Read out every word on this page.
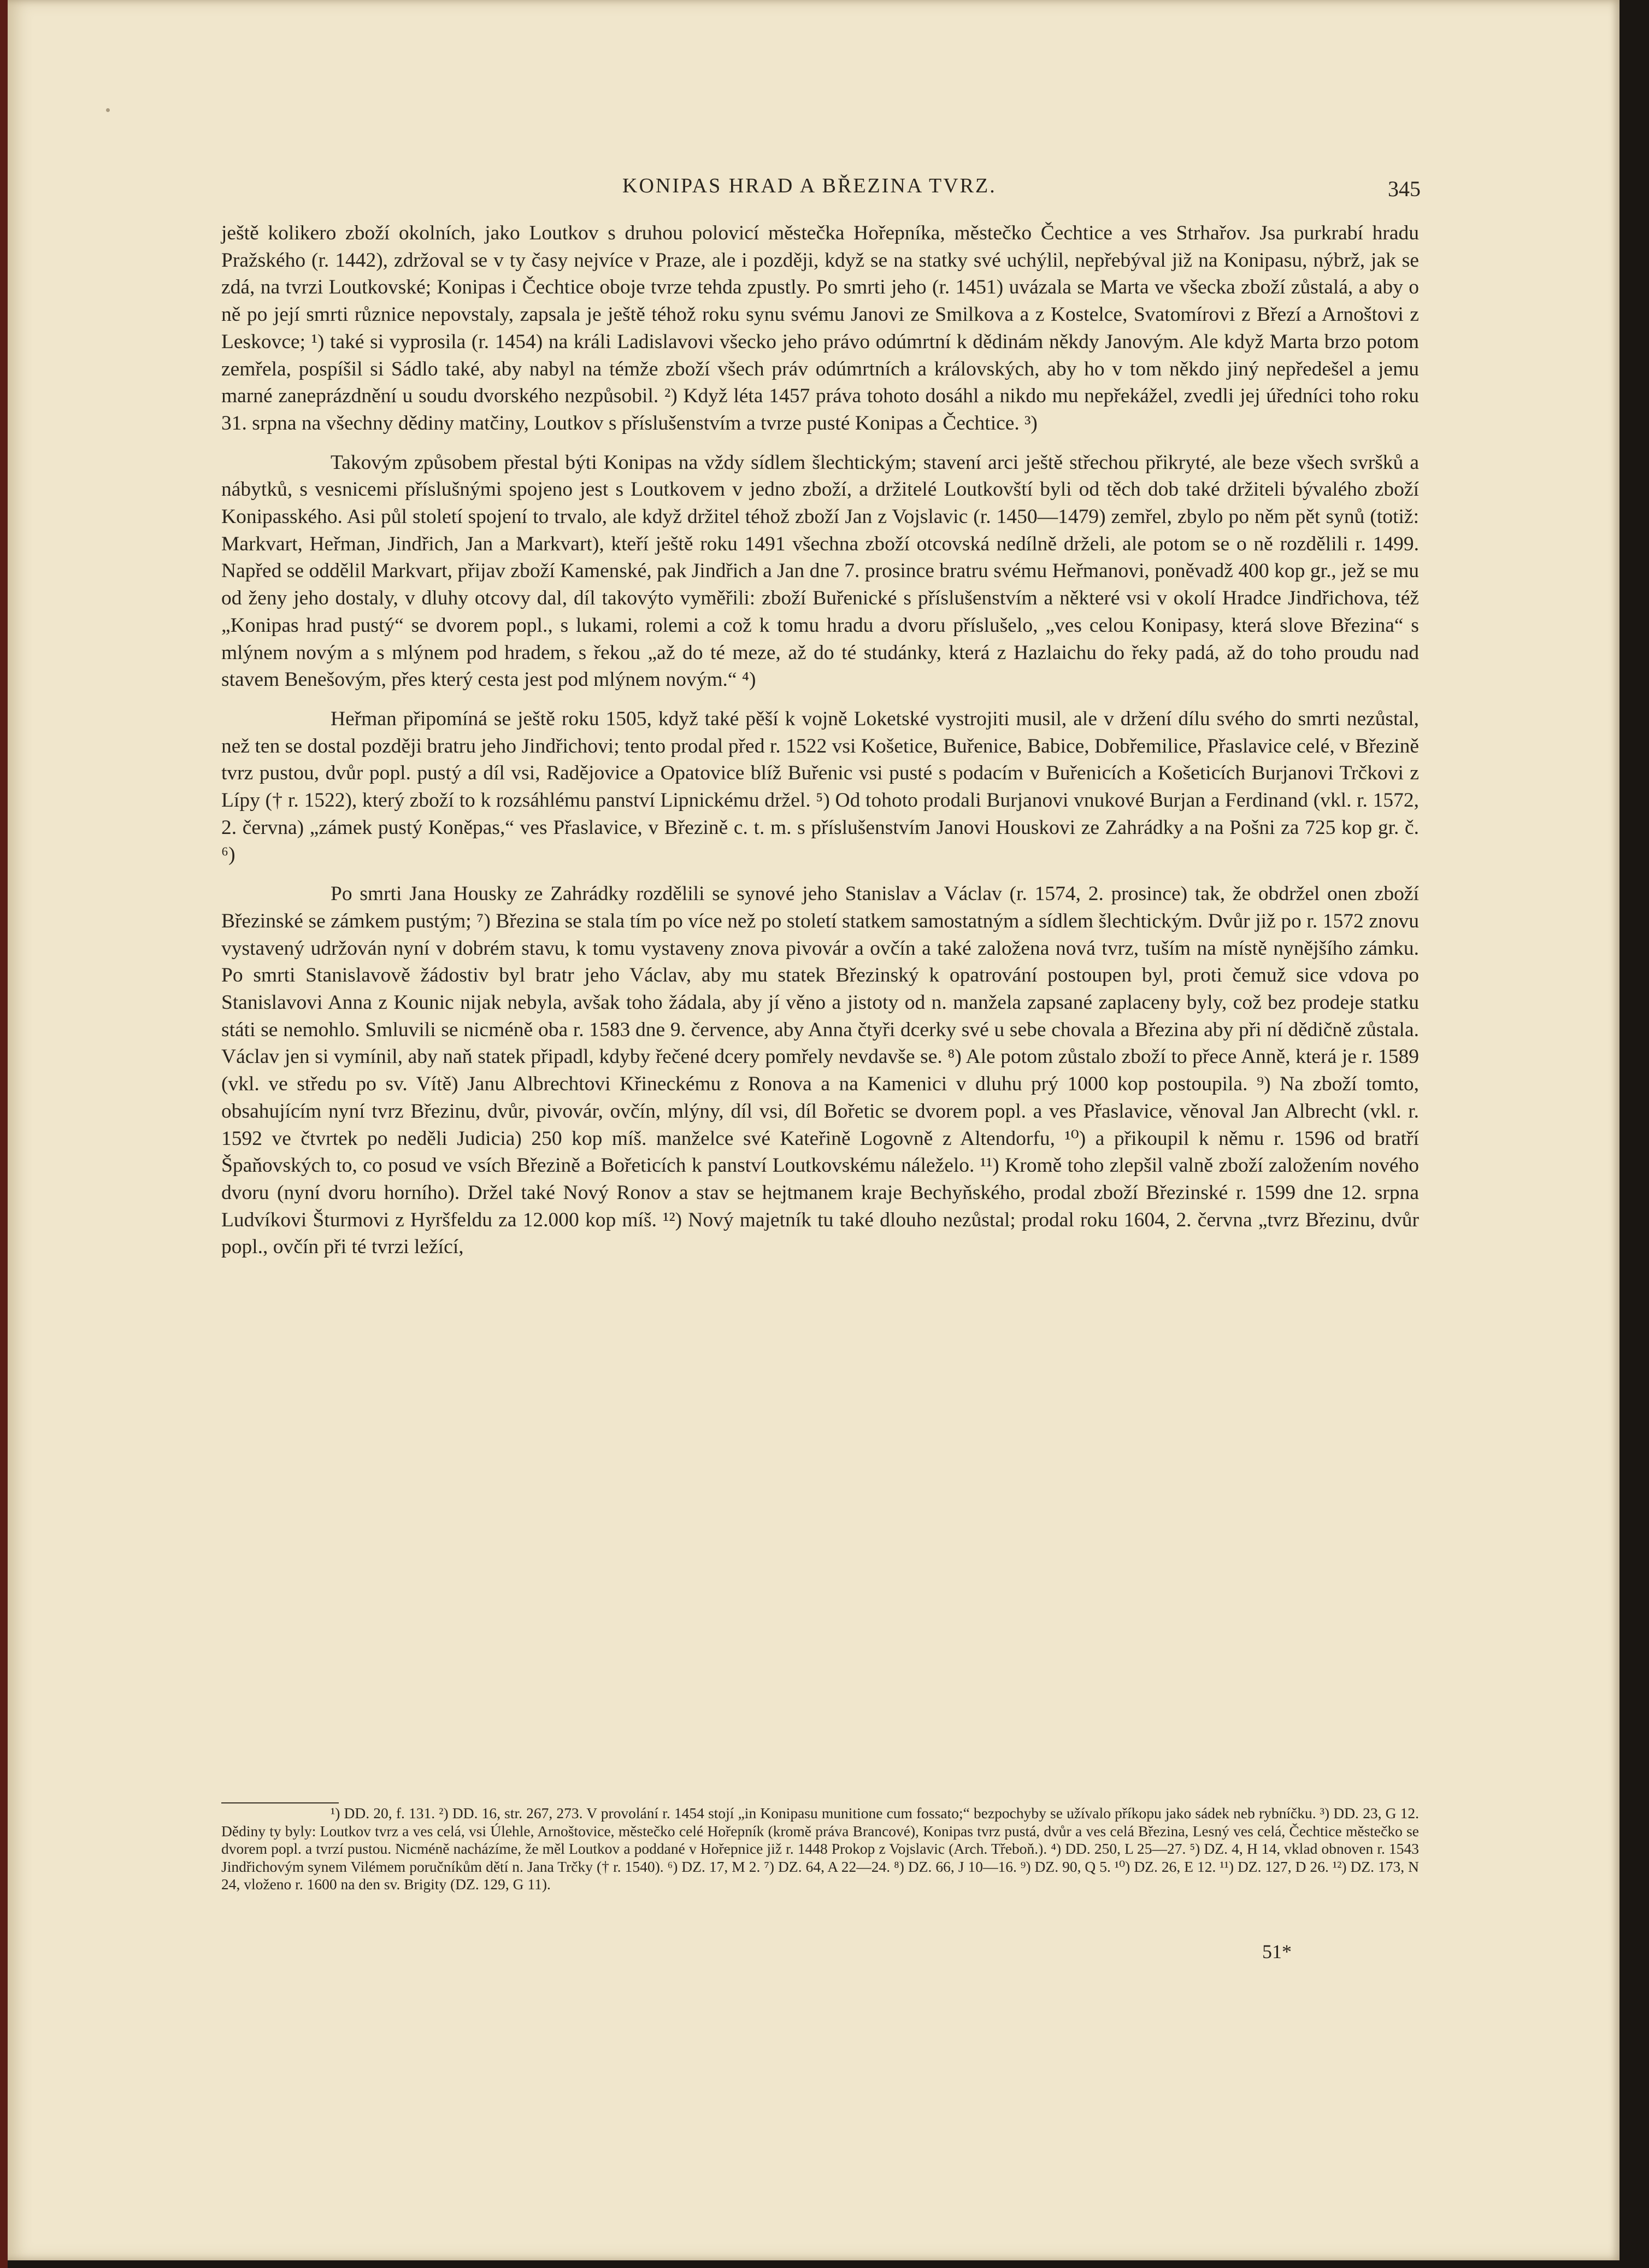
KONIPAS HRAD A BŘEZINA TVRZ.	345

ještě kolikero zboží okolních, jako Loutkov s druhou polovicí městečka Hořepníka, městečko Čechtice a ves Strhařov. Jsa purkrabí hradu Pražského (r. 1442), zdržoval se v ty časy nejvíce v Praze, ale i později, když se na statky své uchýlil, nepřebýval již na Konipasu, nýbrž, jak se zdá, na tvrzi Loutkovské; Konipas i Čechtice oboje tvrze tehda zpustly. Po smrti jeho (r. 1451) uvázala se Marta ve všecka zboží zůstalá, a aby o ně po její smrti různice nepovstaly, zapsala je ještě téhož roku synu svému Janovi ze Smilkova a z Kostelce, Svatomírovi z Březí a Arnoštovi z Leskovce; ¹) také si vyprosila (r. 1454) na králi Ladislavovi všecko jeho právo odúmrtní k dědinám někdy Janovým. Ale když Marta brzo potom zemřela, pospíšil si Sádlo také, aby nabyl na témže zboží všech práv odúmrtních a královských, aby ho v tom někdo jiný nepředešel a jemu marné zaneprázdnění u soudu dvorského nezpůsobil. ²) Když léta 1457 práva tohoto dosáhl a nikdo mu nepřekážel, zvedli jej úředníci toho roku 31. srpna na všechny dědiny matčiny, Loutkov s příslušenstvím a tvrze pusté Konipas a Čechtice. ³)

Takovým způsobem přestal býti Konipas na vždy sídlem šlechtickým; stavení arci ještě střechou přikryté, ale beze všech svršků a nábytků, s vesnicemi příslušnými spojeno jest s Loutkovem v jedno zboží, a držitelé Loutkovští byli od těch dob také držiteli bývalého zboží Konipasského. Asi půl století spojení to trvalo, ale když držitel téhož zboží Jan z Vojslavic (r. 1450—1479) zemřel, zbylo po něm pět synů (totiž: Markvart, Heřman, Jindřich, Jan a Markvart), kteří ještě roku 1491 všechna zboží otcovská nedílně drželi, ale potom se o ně rozdělili r. 1499. Napřed se oddělil Markvart, přijav zboží Kamenské, pak Jindřich a Jan dne 7. prosince bratru svému Heřmanovi, poněvadž 400 kop gr., jež se mu od ženy jeho dostaly, v dluhy otcovy dal, díl takovýto vyměřili: zboží Buřenické s příslušenstvím a některé vsi v okolí Hradce Jindřichova, též „Konipas hrad pustý“ se dvorem popl., s lukami, rolemi a což k tomu hradu a dvoru příslušelo, „ves celou Konipasy, která slove Březina“ s mlýnem novým a s mlýnem pod hradem, s řekou „až do té meze, až do té studánky, která z Hazlaichu do řeky padá, až do toho proudu nad stavem Benešovým, přes který cesta jest pod mlýnem novým.“ ⁴)

Heřman připomíná se ještě roku 1505, když také pěší k vojně Loketské vystrojiti musil, ale v držení dílu svého do smrti nezůstal, než ten se dostal později bratru jeho Jindřichovi; tento prodal před r. 1522 vsi Košetice, Buřenice, Babice, Dobřemilice, Přaslavice celé, v Březině tvrz pustou, dvůr popl. pustý a díl vsi, Radějovice a Opatovice blíž Buřenic vsi pusté s podacím v Buřenicích a Košeticích Burjanovi Trčkovi z Lípy († r. 1522), který zboží to k rozsáhlému panství Lipnickému držel. ⁵) Od tohoto prodali Burjanovi vnukové Burjan a Ferdinand (vkl. r. 1572, 2. června) „zámek pustý Koněpas,“ ves Přaslavice, v Březině c. t. m. s příslušenstvím Janovi Houskovi ze Zahrádky a na Pošni za 725 kop gr. č. ⁶)

Po smrti Jana Housky ze Zahrádky rozdělili se synové jeho Stanislav a Václav (r. 1574, 2. prosince) tak, že obdržel onen zboží Březinské se zámkem pustým; ⁷) Březina se stala tím po více než po století statkem samostatným a sídlem šlechtickým. Dvůr již po r. 1572 znovu vystavený udržován nyní v dobrém stavu, k tomu vystaveny znova pivovár a ovčín a také založena nová tvrz, tuším na místě nynějšího zámku. Po smrti Stanislavově žádostiv byl bratr jeho Václav, aby mu statek Březinský k opatrování postoupen byl, proti čemuž sice vdova po Stanislavovi Anna z Kounic nijak nebyla, avšak toho žádala, aby jí věno a jistoty od n. manžela zapsané zaplaceny byly, což bez prodeje statku státi se nemohlo. Smluvili se nicméně oba r. 1583 dne 9. července, aby Anna čtyři dcerky své u sebe chovala a Březina aby při ní dědičně zůstala. Václav jen si vymínil, aby naň statek připadl, kdyby řečené dcery pomřely nevdavše se. ⁸) Ale potom zůstalo zboží to přece Anně, která je r. 1589 (vkl. ve středu po sv. Vítě) Janu Albrechtovi Křineckému z Ronova a na Kamenici v dluhu prý 1000 kop postoupila. ⁹) Na zboží tomto, obsahujícím nyní tvrz Březinu, dvůr, pivovár, ovčín, mlýny, díl vsi, díl Bořetic se dvorem popl. a ves Přaslavice, věnoval Jan Albrecht (vkl. r. 1592 ve čtvrtek po neděli Judicia) 250 kop míš. manželce své Kateřině Logovně z Altendorfu, ¹⁰) a přikoupil k němu r. 1596 od bratří Špaňovských to, co posud ve vsích Březině a Bořeticích k panství Loutkovskému náleželo. ¹¹) Kromě toho zlepšil valně zboží založením nového dvoru (nyní dvoru horního). Držel také Nový Ronov a stav se hejtmanem kraje Bechyňského, prodal zboží Březinské r. 1599 dne 12. srpna Ludvíkovi Šturmovi z Hyršfeldu za 12.000 kop míš. ¹²) Nový majetník tu také dlouho nezůstal; prodal roku 1604, 2. června „tvrz Březinu, dvůr popl., ovčín při té tvrzi ležící,

¹) DD. 20, f. 131. ²) DD. 16, str. 267, 273. V provolání r. 1454 stojí „in Konipasu munitione cum fossato;“ bezpochyby se užívalo příkopu jako sádek neb rybníčku. ³) DD. 23, G 12. Dědiny ty byly: Loutkov tvrz a ves celá, vsi Úlehle, Arnoštovice, městečko celé Hořepník (kromě práva Brancové), Konipas tvrz pustá, dvůr a ves celá Březina, Lesný ves celá, Čechtice městečko se dvorem popl. a tvrzí pustou. Nicméně nacházíme, že měl Loutkov a poddané v Hořepnice již r. 1448 Prokop z Vojslavic (Arch. Třeboň.). ⁴) DD. 250, L 25—27. ⁵) DZ. 4, H 14, vklad obnoven r. 1543 Jindřichovým synem Vilémem poručníkům dětí n. Jana Trčky († r. 1540). ⁶) DZ. 17, M 2. ⁷) DZ. 64, A 22—24. ⁸) DZ. 66, J 10—16. ⁹) DZ. 90, Q 5. ¹⁰) DZ. 26, E 12. ¹¹) DZ. 127, D 26. ¹²) DZ. 173, N 24, vloženo r. 1600 na den sv. Brigity (DZ. 129, G 11).

51*
